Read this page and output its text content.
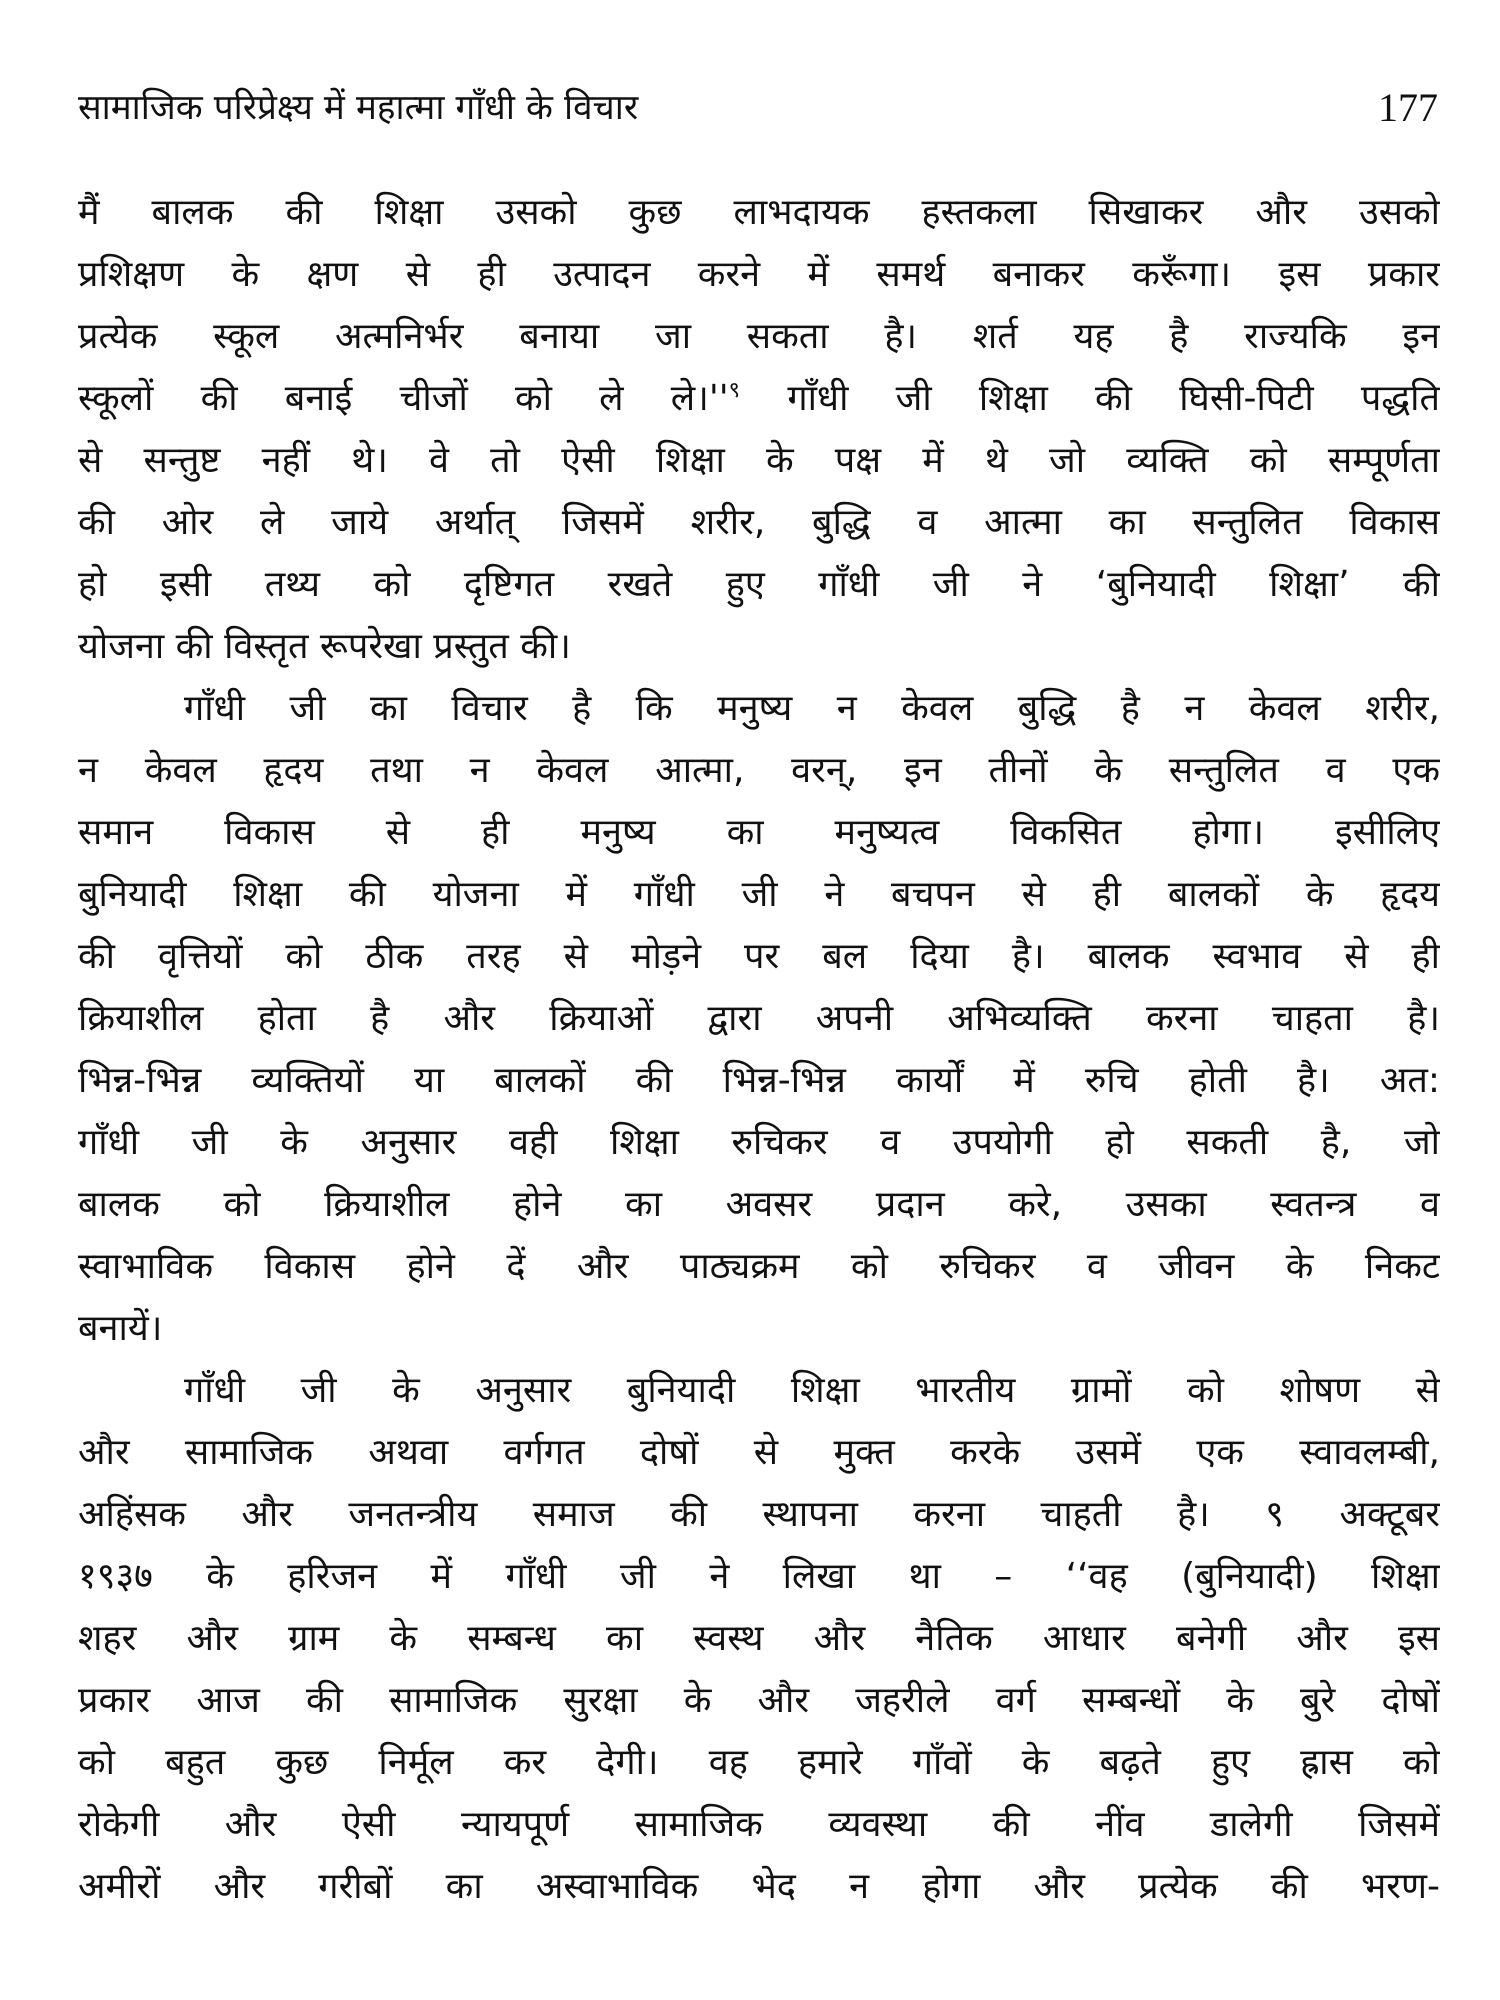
सामाजिक परिप्रेक्ष्य में महात्मा गाँधी के विचार	177
मैं बालक की शिक्षा उसको कुछ लाभदायक हस्तकला सिखाकर और उसको
प्रशिक्षण के क्षण से ही उत्पादन करने में समर्थ बनाकर करूँगा। इस प्रकार
प्रत्येक स्कूल अत्मनिर्भर बनाया जा सकता है। शर्त यह है राज्यकि इन
स्कूलों की बनाई चीजों को ले ले।''$^९$ गाँधी जी शिक्षा की घिसी-पिटी पद्धति
से सन्तुष्ट नहीं थे। वे तो ऐसी शिक्षा के पक्ष में थे जो व्यक्ति को सम्पूर्णता
की ओर ले जाये अर्थात् जिसमें शरीर, बुद्धि व आत्मा का सन्तुलित विकास
हो इसी तथ्य को दृष्टिगत रखते हुए गाँधी जी ने ‘बुनियादी शिक्षा’ की
योजना की विस्तृत रूपरेखा प्रस्तुत की।
गाँधी जी का विचार है कि मनुष्य न केवल बुद्धि है न केवल शरीर,
न केवल हृदय तथा न केवल आत्मा, वरन्, इन तीनों के सन्तुलित व एक
समान विकास से ही मनुष्य का मनुष्यत्व विकसित होगा। इसीलिए
बुनियादी शिक्षा की योजना में गाँधी जी ने बचपन से ही बालकों के हृदय
की वृत्तियों को ठीक तरह से मोड़ने पर बल दिया है। बालक स्वभाव से ही
क्रियाशील होता है और क्रियाओं द्वारा अपनी अभिव्यक्ति करना चाहता है।
भिन्न-भिन्न व्यक्तियों या बालकों की भिन्न-भिन्न कार्यों में रुचि होती है। अत:
गाँधी जी के अनुसार वही शिक्षा रुचिकर व उपयोगी हो सकती है, जो
बालक को क्रियाशील होने का अवसर प्रदान करे, उसका स्वतन्त्र व
स्वाभाविक विकास होने दें और पाठ्यक्रम को रुचिकर व जीवन के निकट
बनायें।
गाँधी जी के अनुसार बुनियादी शिक्षा भारतीय ग्रामों को शोषण से
और सामाजिक अथवा वर्गगत दोषों से मुक्त करके उसमें एक स्वावलम्बी,
अहिंसक और जनतन्त्रीय समाज की स्थापना करना चाहती है। ९ अक्टूबर
१९३७ के हरिजन में गाँधी जी ने लिखा था – ‘‘वह (बुनियादी) शिक्षा
शहर और ग्राम के सम्बन्ध का स्वस्थ और नैतिक आधार बनेगी और इस
प्रकार आज की सामाजिक सुरक्षा के और जहरीले वर्ग सम्बन्धों के बुरे दोषों
को बहुत कुछ निर्मूल कर देगी। वह हमारे गाँवों के बढ़ते हुए ह्रास को
रोकेगी और ऐसी न्यायपूर्ण सामाजिक व्यवस्था की नींव डालेगी जिसमें
अमीरों और गरीबों का अस्वाभाविक भेद न होगा और प्रत्येक की भरण-
